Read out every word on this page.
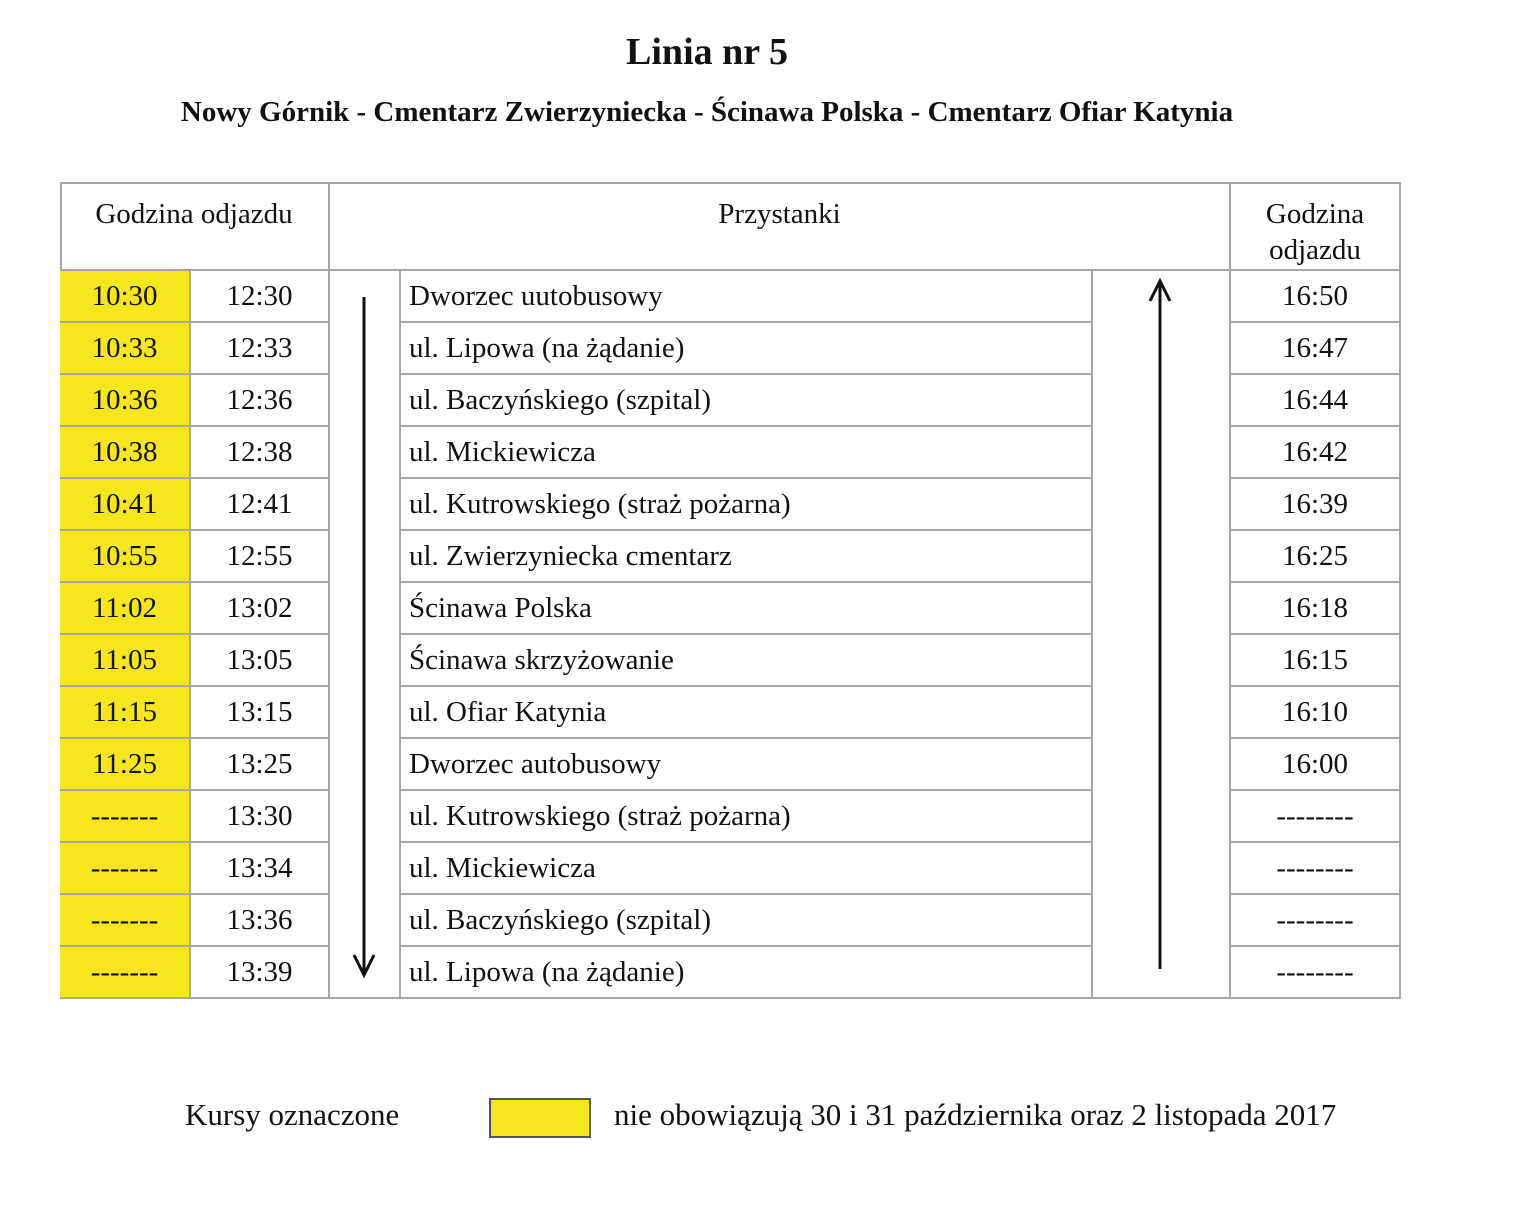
Linia nr 5
Nowy Górnik - Cmentarz Zwierzyniecka - Ścinawa Polska - Cmentarz Ofiar Katynia
Godzina odjazdu	Przystanki	Godzina odjazdu
10:30	12:30	Dworzec uutobusowy	16:50
10:33	12:33	ul. Lipowa (na żądanie)	16:47
10:36	12:36	ul. Baczyńskiego (szpital)	16:44
10:38	12:38	ul. Mickiewicza	16:42
10:41	12:41	ul. Kutrowskiego (straż pożarna)	16:39
10:55	12:55	ul. Zwierzyniecka cmentarz	16:25
11:02	13:02	Ścinawa Polska	16:18
11:05	13:05	Ścinawa skrzyżowanie	16:15
11:15	13:15	ul. Ofiar Katynia	16:10
11:25	13:25	Dworzec autobusowy	16:00
-------	13:30	ul. Kutrowskiego (straż pożarna)	--------
-------	13:34	ul. Mickiewicza	--------
-------	13:36	ul. Baczyńskiego (szpital)	--------
-------	13:39	ul. Lipowa (na żądanie)	--------
Kursy oznaczone	nie obowiązują 30 i 31 października oraz 2 listopada 2017
